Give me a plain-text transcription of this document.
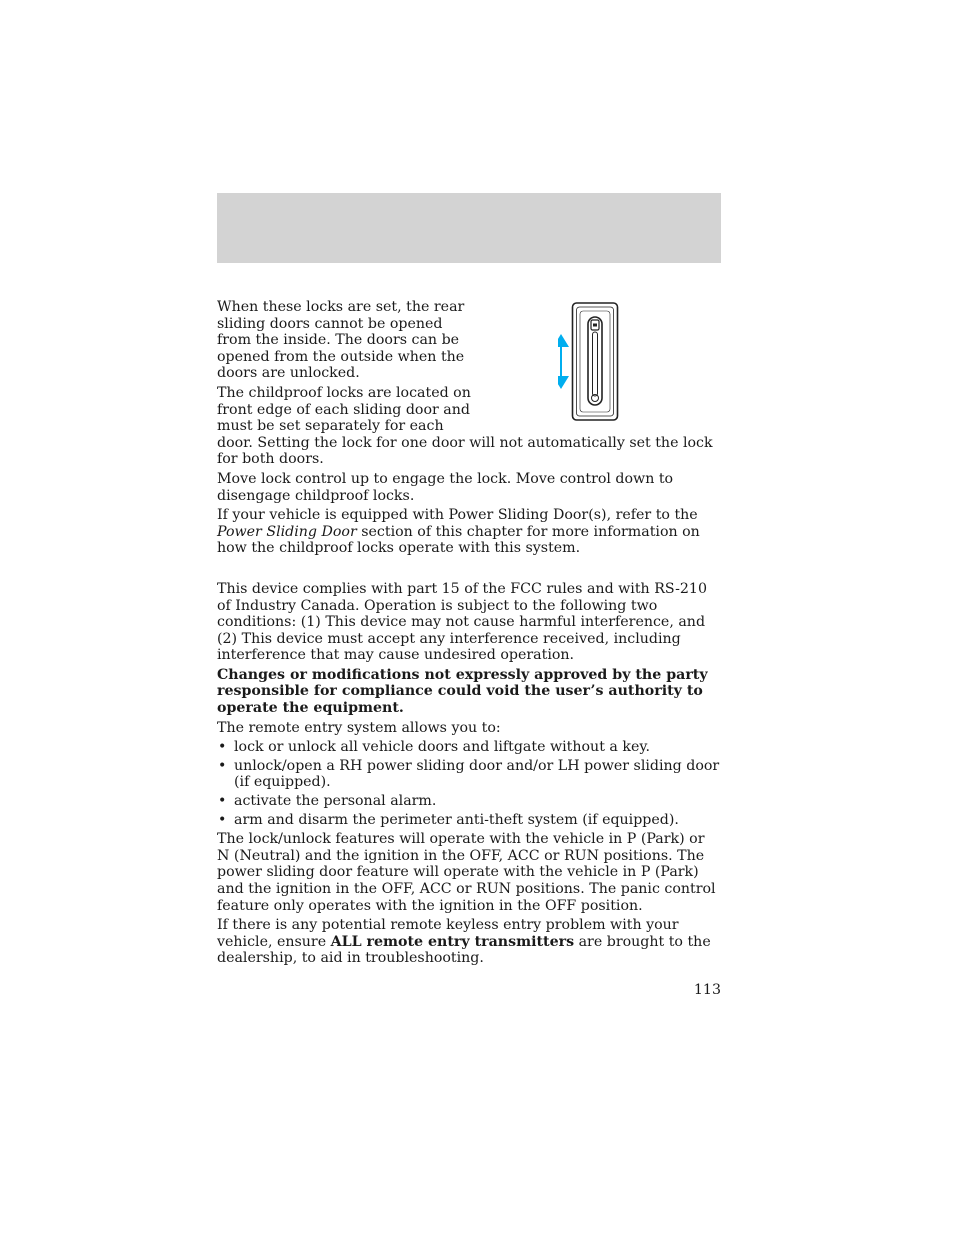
When these locks are set, the rear sliding doors cannot be opened from the inside. The doors can be opened from the outside when the doors are unlocked.

The childproof locks are located on front edge of each sliding door and must be set separately for each door. Setting the lock for one door will not automatically set the lock for both doors.

Move lock control up to engage the lock. Move control down to disengage childproof locks.

If your vehicle is equipped with Power Sliding Door(s), refer to the Power Sliding Door section of this chapter for more information on how the childproof locks operate with this system.

This device complies with part 15 of the FCC rules and with RS-210 of Industry Canada. Operation is subject to the following two conditions: (1) This device may not cause harmful interference, and (2) This device must accept any interference received, including interference that may cause undesired operation.

Changes or modifications not expressly approved by the party responsible for compliance could void the user’s authority to operate the equipment.

The remote entry system allows you to:

• lock or unlock all vehicle doors and liftgate without a key.
• unlock/open a RH power sliding door and/or LH power sliding door (if equipped).
• activate the personal alarm.
• arm and disarm the perimeter anti-theft system (if equipped).

The lock/unlock features will operate with the vehicle in P (Park) or N (Neutral) and the ignition in the OFF, ACC or RUN positions. The power sliding door feature will operate with the vehicle in P (Park) and the ignition in the OFF, ACC or RUN positions. The panic control feature only operates with the ignition in the OFF position.

If there is any potential remote keyless entry problem with your vehicle, ensure ALL remote entry transmitters are brought to the dealership, to aid in troubleshooting.

113
